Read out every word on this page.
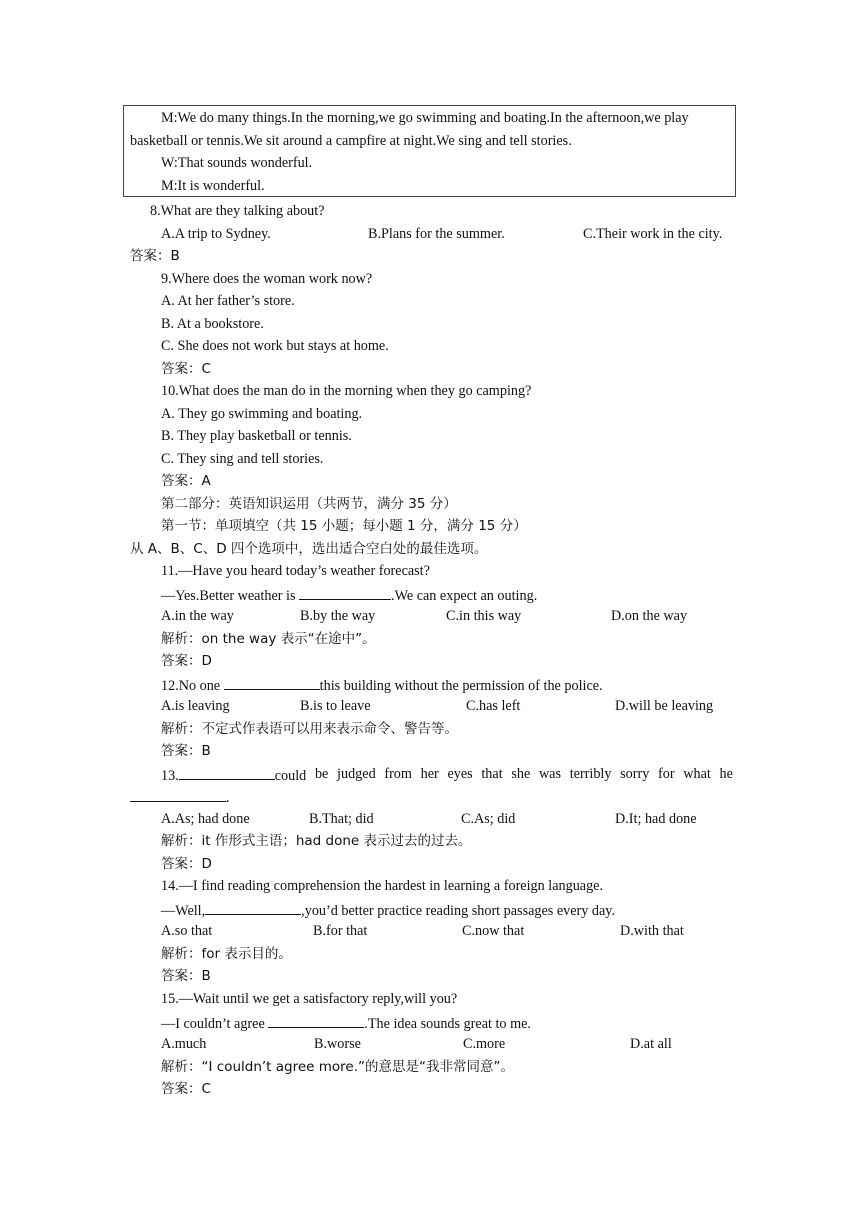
M:We do many things.In the morning,we go swimming and boating.In the afternoon,we play
basketball or tennis.We sit around a campfire at night.We sing and tell stories.
W:That sounds wonderful.
M:It is wonderful.
8.What are they talking about?
A.A trip to Sydney.	B.Plans for the summer.	C.Their work in the city.
答案：B
9.Where does the woman work now?
A. At her father’s store.
B. At a bookstore.
C. She does not work but stays at home.
答案：C
10.What does the man do in the morning when they go camping?
A. They go swimming and boating.
B. They play basketball or tennis.
C. They sing and tell stories.
答案：A
第二部分：英语知识运用（共两节，满分 35 分）
第一节：单项填空（共 15 小题；每小题 1 分，满分 15 分）
从 A、B、C、D 四个选项中，选出适合空白处的最佳选项。
11.—Have you heard today’s weather forecast?
—Yes.Better weather is	.We can expect an outing.
A.in the way	B.by the way	C.in this way	D.on the way
解析：on the way 表示“在途中”。
答案：D
12.No one	this building without the permission of the police.
A.is leaving	B.is to leave	C.has left	D.will be leaving
解析：不定式作表语可以用来表示命令、警告等。
答案：B
13.	could be judged from her eyes that she was terribly sorry for what he
.
A.As; had done	B.That; did	C.As; did	D.It; had done
解析：it 作形式主语；had done 表示过去的过去。
答案：D
14.—I find reading comprehension the hardest in learning a foreign language.
—Well,	,you’d better practice reading short passages every day.
A.so that	B.for that	C.now that	D.with that
解析：for 表示目的。
答案：B
15.—Wait until we get a satisfactory reply,will you?
—I couldn’t agree	.The idea sounds great to me.
A.much	B.worse	C.more	D.at all
解析：“I couldn’t agree more.”的意思是“我非常同意”。
答案：C
